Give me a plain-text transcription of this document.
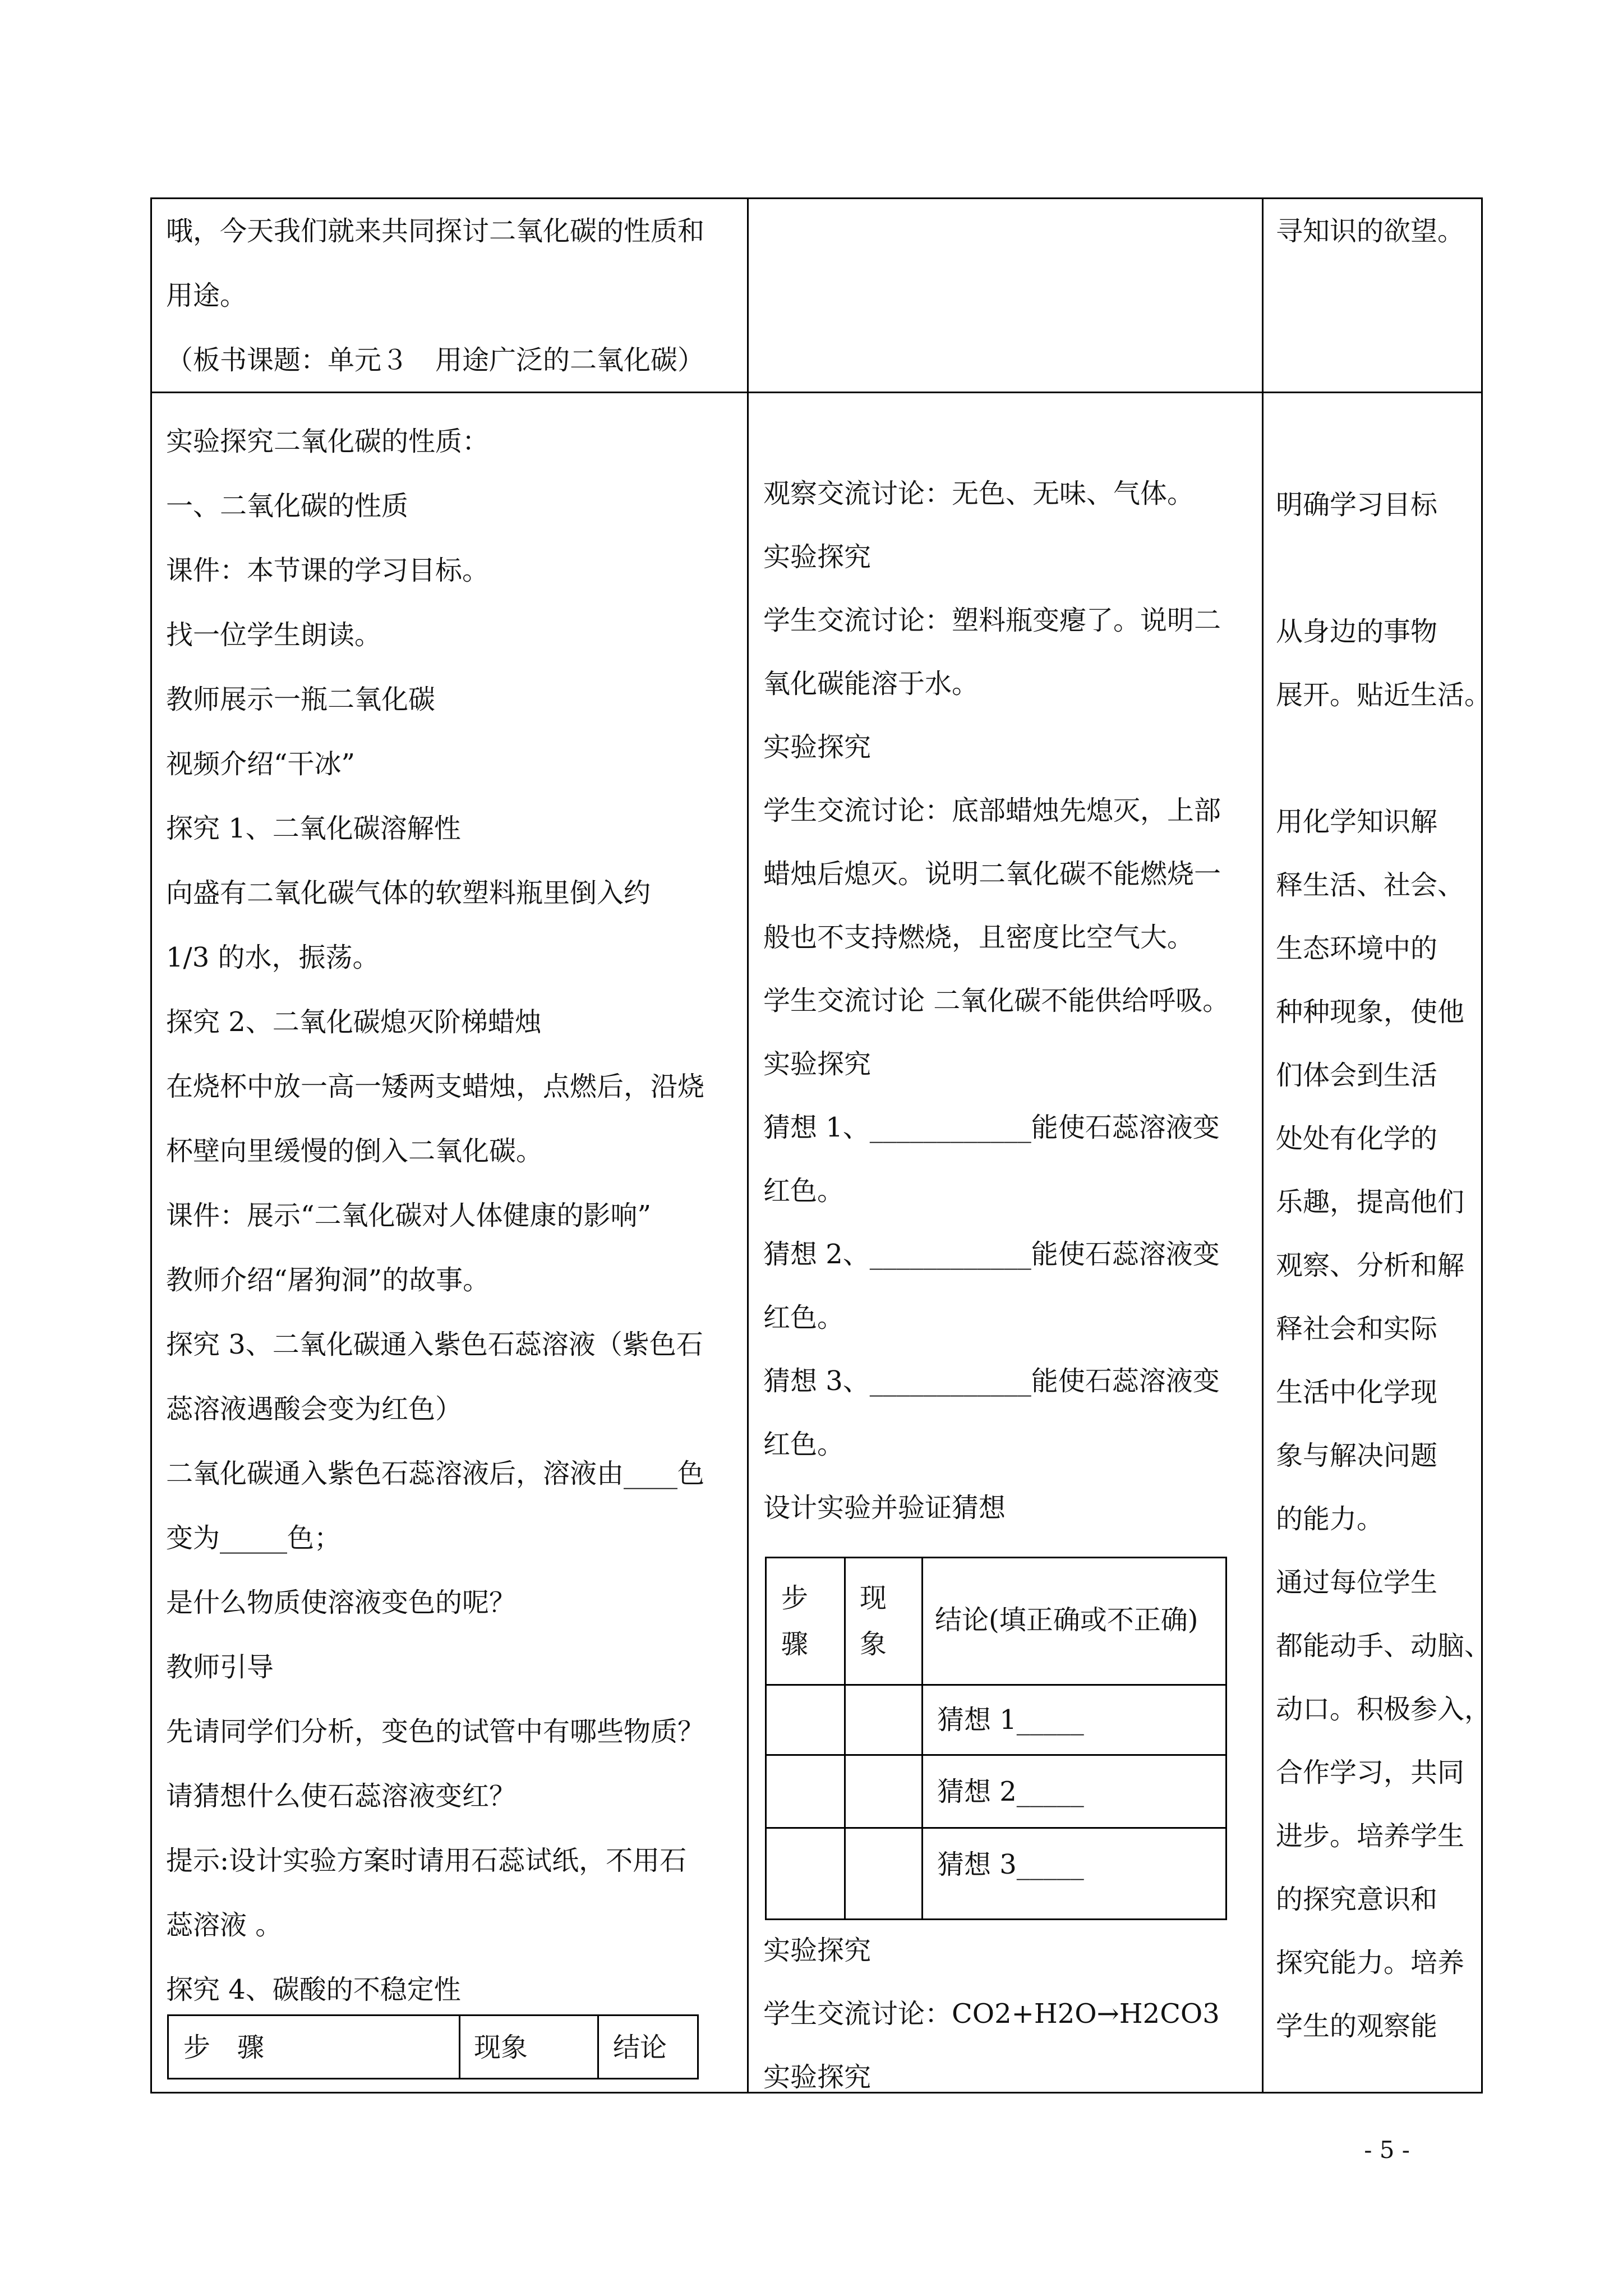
哦，今天我们就来共同探讨二氧化碳的性质和
用途。
（板书课题：单元３　用途广泛的二氧化碳）
寻知识的欲望。
实验探究二氧化碳的性质：
一、二氧化碳的性质
课件：本节课的学习目标。
找一位学生朗读。
教师展示一瓶二氧化碳
视频介绍“干冰”
探究 1、二氧化碳溶解性
向盛有二氧化碳气体的软塑料瓶里倒入约
1/3 的水，振荡。
探究 2、二氧化碳熄灭阶梯蜡烛
在烧杯中放一高一矮两支蜡烛，点燃后，沿烧
杯壁向里缓慢的倒入二氧化碳。
课件：展示“二氧化碳对人体健康的影响”
教师介绍“屠狗洞”的故事。
探究 3、二氧化碳通入紫色石蕊溶液（紫色石
蕊溶液遇酸会变为红色）
二氧化碳通入紫色石蕊溶液后，溶液由____色
变为_____色；
是什么物质使溶液变色的呢？
教师引导
先请同学们分析，变色的试管中有哪些物质？
请猜想什么使石蕊溶液变红？
提示:设计实验方案时请用石蕊试纸，不用石
蕊溶液 。
探究 4、碳酸的不稳定性
步　骤	现象	结论
观察交流讨论：无色、无味、气体。
实验探究
学生交流讨论：塑料瓶变瘪了。说明二
氧化碳能溶于水。
实验探究
学生交流讨论：底部蜡烛先熄灭，上部
蜡烛后熄灭。说明二氧化碳不能燃烧一
般也不支持燃烧，且密度比空气大。
学生交流讨论 二氧化碳不能供给呼吸。
实验探究
猜想 1、____________能使石蕊溶液变
红色。
猜想 2、____________能使石蕊溶液变
红色。
猜想 3、____________能使石蕊溶液变
红色。
设计实验并验证猜想
步
骤
现
象
结论(填正确或不正确)
猜想 1_____
猜想 2_____
猜想 3_____
实验探究
学生交流讨论：CO2+H2O→H2CO3
实验探究
明确学习目标
从身边的事物
展开。贴近生活。
用化学知识解
释生活、社会、
生态环境中的
种种现象，使他
们体会到生活
处处有化学的
乐趣，提高他们
观察、分析和解
释社会和实际
生活中化学现
象与解决问题
的能力。
通过每位学生
都能动手、动脑、
动口。积极参入，
合作学习，共同
进步。培养学生
的探究意识和
探究能力。培养
学生的观察能
- 5 -
